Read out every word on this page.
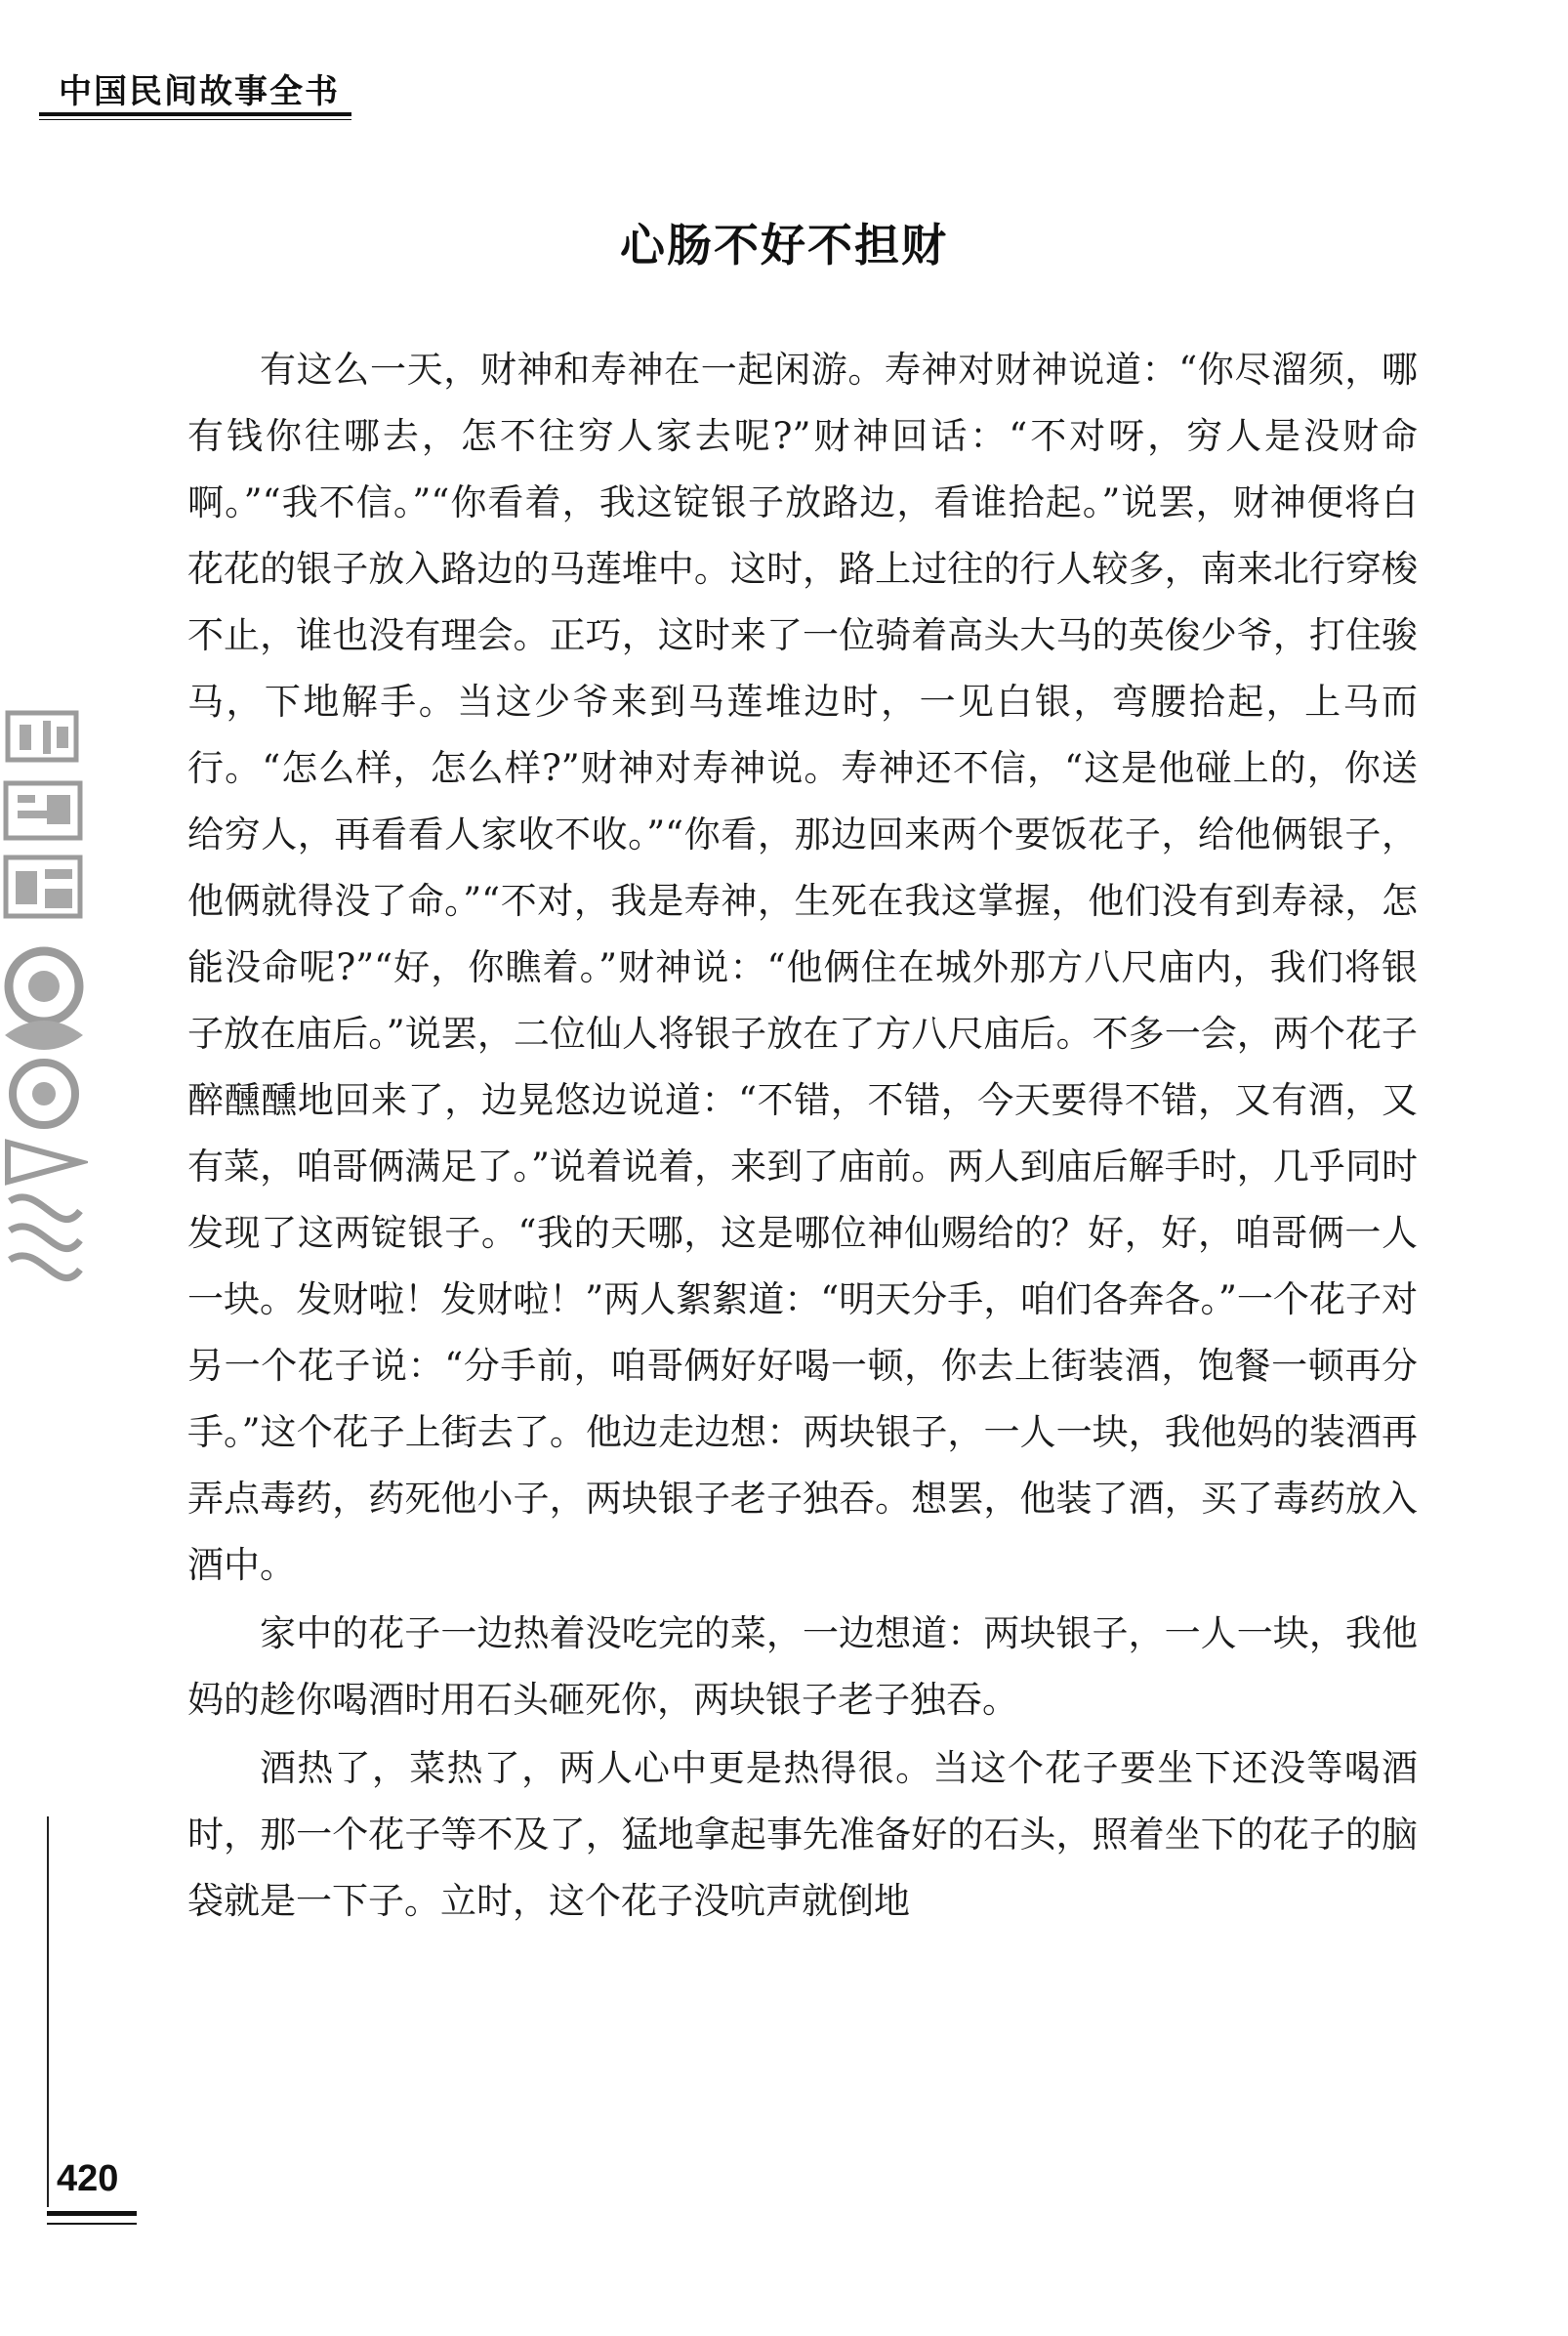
中国民间故事全书
心肠不好不担财

有这么一天，财神和寿神在一起闲游。寿神对财神说道：“你尽溜须，哪有钱你往哪去，怎不往穷人家去呢?”财神回话：“不对呀，穷人是没财命啊。”“我不信。”“你看着，我这锭银子放路边，看谁拾起。”说罢，财神便将白花花的银子放入路边的马莲堆中。这时，路上过往的行人较多，南来北行穿梭不止，谁也没有理会。正巧，这时来了一位骑着高头大马的英俊少爷，打住骏马，下地解手。当这少爷来到马莲堆边时，一见白银，弯腰拾起，上马而行。“怎么样，怎么样?”财神对寿神说。寿神还不信，“这是他碰上的，你送给穷人，再看看人家收不收。”“你看，那边回来两个要饭花子，给他俩银子，他俩就得没了命。”“不对，我是寿神，生死在我这掌握，他们没有到寿禄，怎能没命呢?”“好，你瞧着。”财神说：“他俩住在城外那方八尺庙内，我们将银子放在庙后。”说罢，二位仙人将银子放在了方八尺庙后。不多一会，两个花子醉醺醺地回来了，边晃悠边说道：“不错，不错，今天要得不错，又有酒，又有菜，咱哥俩满足了。”说着说着，来到了庙前。两人到庙后解手时，几乎同时发现了这两锭银子。“我的天哪，这是哪位神仙赐给的？好，好，咱哥俩一人一块。发财啦！发财啦！”两人絮絮道：“明天分手，咱们各奔各。”一个花子对另一个花子说：“分手前，咱哥俩好好喝一顿，你去上街装酒，饱餐一顿再分手。”这个花子上街去了。他边走边想：两块银子，一人一块，我他妈的装酒再弄点毒药，药死他小子，两块银子老子独吞。想罢，他装了酒，买了毒药放入酒中。

家中的花子一边热着没吃完的菜，一边想道：两块银子，一人一块，我他妈的趁你喝酒时用石头砸死你，两块银子老子独吞。

酒热了，菜热了，两人心中更是热得很。当这个花子要坐下还没等喝酒时，那一个花子等不及了，猛地拿起事先准备好的石头，照着坐下的花子的脑袋就是一下子。立时，这个花子没吭声就倒地

420
